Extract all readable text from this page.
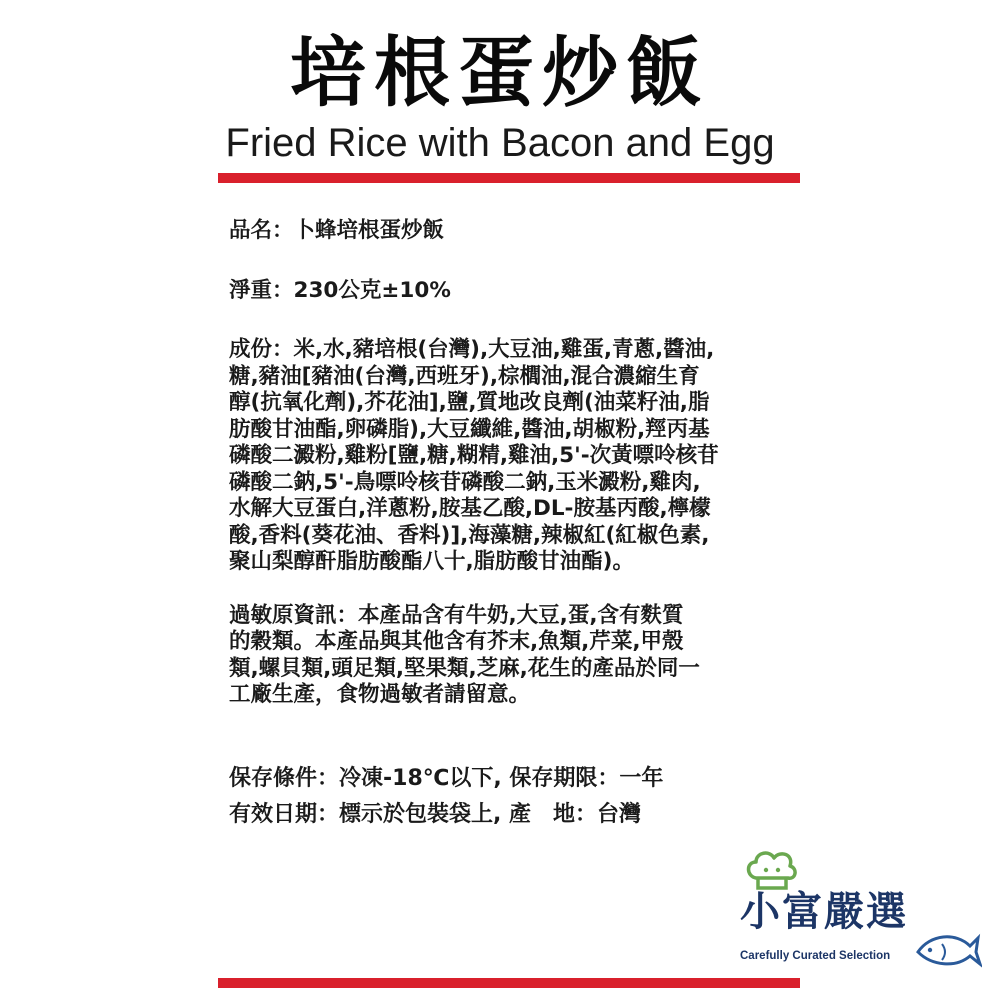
培根蛋炒飯
Fried Rice with Bacon and Egg

品名：卜蜂培根蛋炒飯

淨重：230公克±10%

成份：米,水,豬培根(台灣),大豆油,雞蛋,青蔥,醬油,
糖,豬油[豬油(台灣,西班牙),棕櫚油,混合濃縮生育
醇(抗氧化劑),芥花油],鹽,質地改良劑(油菜籽油,脂
肪酸甘油酯,卵磷脂),大豆纖維,醬油,胡椒粉,羥丙基
磷酸二澱粉,雞粉[鹽,糖,糊精,雞油,5'-次黃嘌呤核苷
磷酸二鈉,5'-鳥嘌呤核苷磷酸二鈉,玉米澱粉,雞肉,
水解大豆蛋白,洋蔥粉,胺基乙酸,DL-胺基丙酸,檸檬
酸,香料(葵花油、香料)],海藻糖,辣椒紅(紅椒色素,
聚山梨醇酐脂肪酸酯八十,脂肪酸甘油酯)。
過敏原資訊：本產品含有牛奶,大豆,蛋,含有麩質
的穀類。本產品與其他含有芥末,魚類,芹菜,甲殼
類,螺貝類,頭足類,堅果類,芝麻,花生的產品於同一
工廠生產，食物過敏者請留意。

保存條件：冷凍-18℃以下, 保存期限：一年

有效日期：標示於包裝袋上, 產　地：台灣

小富嚴選
Carefully Curated Selection
